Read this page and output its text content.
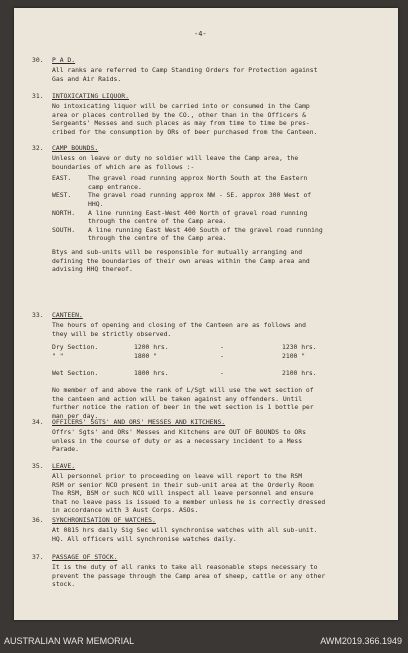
-4-
30. P A D.
All ranks are referred to Camp Standing Orders for Protection against
Gas and Air Raids.
31. INTOXICATING LIQUOR.
No intoxicating liquor will be carried into or consumed in the Camp
area or places controlled by the CO., other than in the Officers &
Sergeants' Messes and such places as may from time to time be pres-
cribed for the consumption by ORs of beer purchased from the Canteen.
32. CAMP BOUNDS.
Unless on leave or duty no soldier will leave the Camp area, the
boundaries of which are as follows :-
EAST.	The gravel road running approx North South at the Eastern
camp entrance.
WEST.	The gravel road running approx NW - SE. approx 300 West of
HHQ.
NORTH. A line running East-West 400 North of gravel road running
through the centre of the Camp area.
SOUTH. A line running East West 400 South of the gravel road running
through the centre of the Camp area.
Btys and sub-units will be responsible for mutually arranging and
defining the boundaries of their own areas within the Camp area and
advising HHQ thereof.
33. CANTEEN.
The hours of opening and closing of the Canteen are as follows and
they will be strictly observed.
Dry Section.	1200 hrs.	-	1230 hrs.
" "	1800 "	-	2100 "
Wet Section.	1800 hrs.	-	2100 hrs.
No member of and above the rank of L/Sgt will use the wet section of
the canteen and action will be taken against any offenders. Until
further notice the ration of beer in the wet section is 1 bottle per
man per day.
34. OFFICERS' SGTS' AND ORS' MESSES AND KITCHENS.
Offrs' Sgts' and ORs' Messes and Kitchens are OUT OF BOUNDS to ORs
unless in the course of duty or as a necessary incident to a Mess
Parade.
35. LEAVE.
All personnel prior to proceeding on leave will report to the RSM
RSM or senior NCO present in their sub-unit area at the Orderly Room
The RSM, BSM or such NCO will inspect all leave personnel and ensure
that no leave pass is issued to a member unless he is correctly dressed
in accordance with 3 Aust Corps. ASOs.
36. SYNCHRONISATION OF WATCHES.
At 0815 hrs daily Sig Sec will synchronise watches with all sub-unit.
HQ. All officers will synchronise watches daily.
37. PASSAGE OF STOCK.
It is the duty of all ranks to take all reasonable steps necessary to
prevent the passage through the Camp area of sheep, cattle or any other
stock.
AUSTRALIAN WAR MEMORIAL	AWM2019.366.1949
